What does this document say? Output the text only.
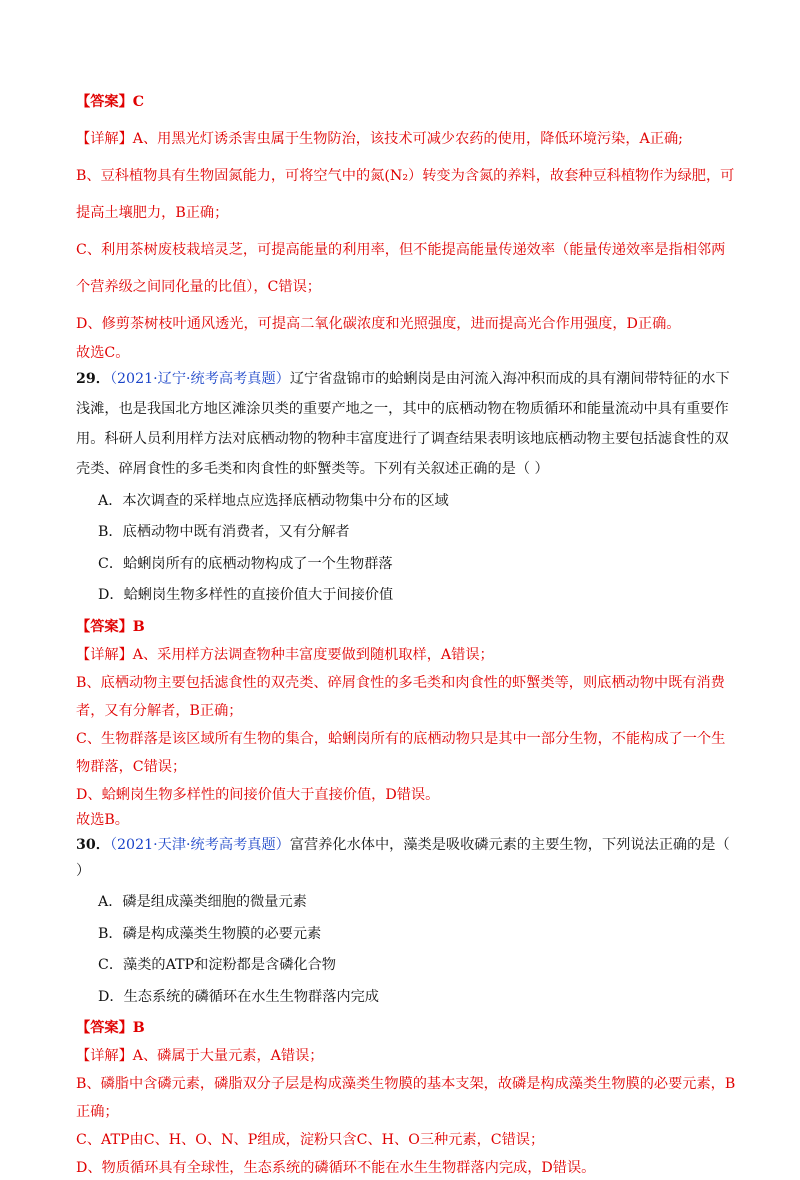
【答案】C
【详解】A、用黑光灯诱杀害虫属于生物防治，该技术可减少农药的使用，降低环境污染，A正确;
B、豆科植物具有生物固氮能力，可将空气中的氮(N₂）转变为含氮的养料，故套种豆科植物作为绿肥，可
提高土壤肥力，B正确；
C、利用茶树废枝栽培灵芝，可提高能量的利用率，但不能提高能量传递效率（能量传递效率是指相邻两
个营养级之间同化量的比值），C错误；
D、修剪茶树枝叶通风透光，可提高二氧化碳浓度和光照强度，进而提高光合作用强度，D正确。
故选C。
29．（2021·辽宁·统考高考真题）辽宁省盘锦市的蛤蜊岗是由河流入海冲积而成的具有潮间带特征的水下
浅滩，也是我国北方地区滩涂贝类的重要产地之一，其中的底栖动物在物质循环和能量流动中具有重要作
用。科研人员利用样方法对底栖动物的物种丰富度进行了调查结果表明该地底栖动物主要包括滤食性的双
壳类、碎屑食性的多毛类和肉食性的虾蟹类等。下列有关叙述正确的是（ ）
A．本次调查的采样地点应选择底栖动物集中分布的区域
B．底栖动物中既有消费者，又有分解者
C．蛤蜊岗所有的底栖动物构成了一个生物群落
D．蛤蜊岗生物多样性的直接价值大于间接价值
【答案】B
【详解】A、采用样方法调查物种丰富度要做到随机取样，A错误；
B、底栖动物主要包括滤食性的双壳类、碎屑食性的多毛类和肉食性的虾蟹类等，则底栖动物中既有消费
者，又有分解者，B正确；
C、生物群落是该区域所有生物的集合，蛤蜊岗所有的底栖动物只是其中一部分生物，不能构成了一个生
物群落，C错误；
D、蛤蜊岗生物多样性的间接价值大于直接价值，D错误。
故选B。
30．（2021·天津·统考高考真题）富营养化水体中，藻类是吸收磷元素的主要生物，下列说法正确的是（
）
A．磷是组成藻类细胞的微量元素
B．磷是构成藻类生物膜的必要元素
C．藻类的ATP和淀粉都是含磷化合物
D．生态系统的磷循环在水生生物群落内完成
【答案】B
【详解】A、磷属于大量元素，A错误；
B、磷脂中含磷元素，磷脂双分子层是构成藻类生物膜的基本支架，故磷是构成藻类生物膜的必要元素，B
正确；
C、ATP由C、H、O、N、P组成，淀粉只含C、H、O三种元素，C错误；
D、物质循环具有全球性，生态系统的磷循环不能在水生生物群落内完成，D错误。
